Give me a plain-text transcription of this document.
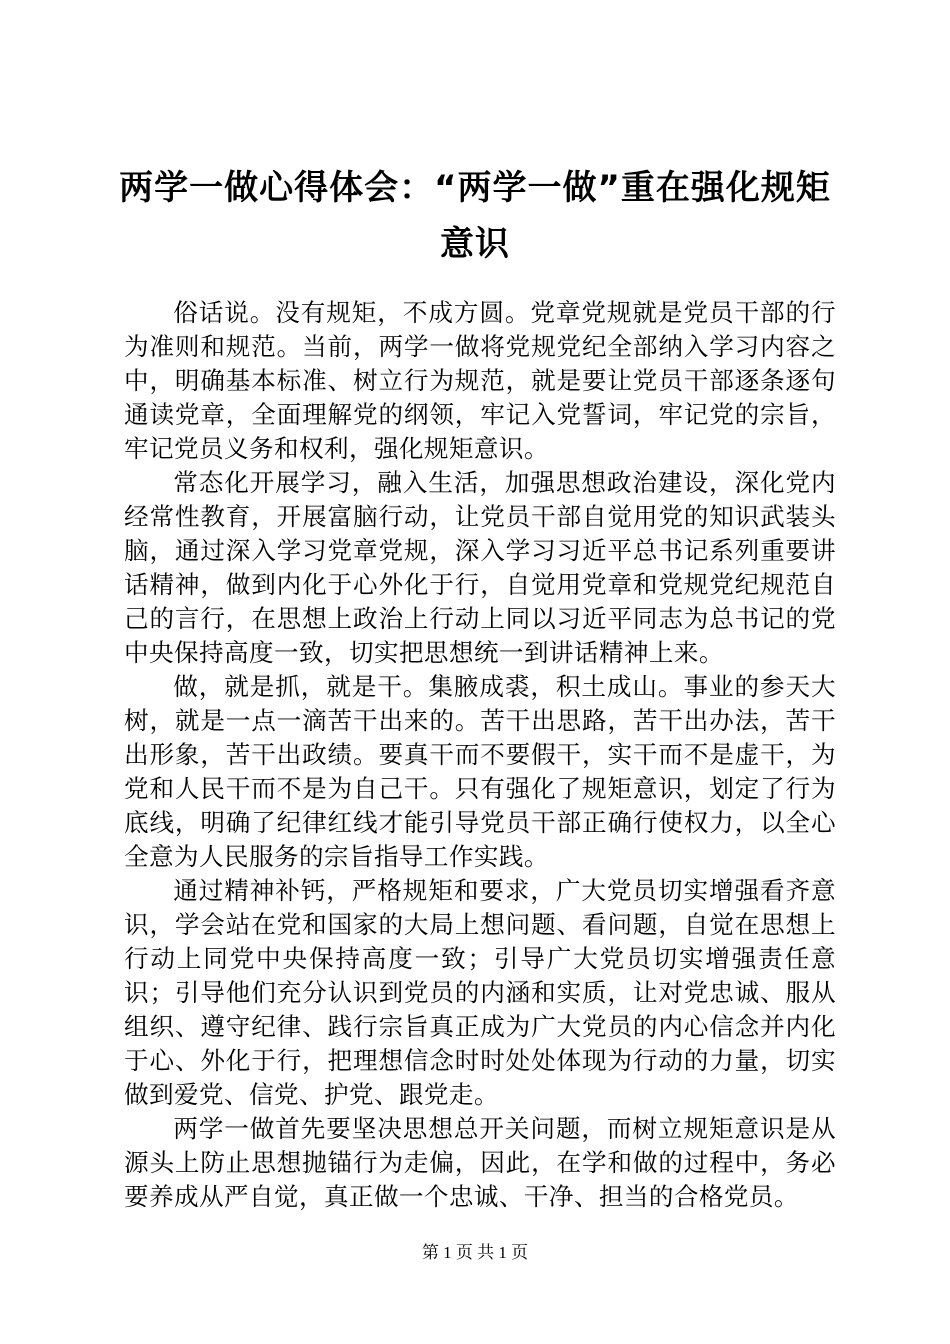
两学一做心得体会：“两学一做”重在强化规矩意识

俗话说。没有规矩，不成方圆。党章党规就是党员干部的行为准则和规范。当前，两学一做将党规党纪全部纳入学习内容之中，明确基本标准、树立行为规范，就是要让党员干部逐条逐句通读党章，全面理解党的纲领，牢记入党誓词，牢记党的宗旨，牢记党员义务和权利，强化规矩意识。

常态化开展学习，融入生活，加强思想政治建设，深化党内经常性教育，开展富脑行动，让党员干部自觉用党的知识武装头脑，通过深入学习党章党规，深入学习习近平总书记系列重要讲话精神，做到内化于心外化于行，自觉用党章和党规党纪规范自己的言行，在思想上政治上行动上同以习近平同志为总书记的党中央保持高度一致，切实把思想统一到讲话精神上来。

做，就是抓，就是干。集腋成裘，积土成山。事业的参天大树，就是一点一滴苦干出来的。苦干出思路，苦干出办法，苦干出形象，苦干出政绩。要真干而不要假干，实干而不是虚干，为党和人民干而不是为自己干。只有强化了规矩意识，划定了行为底线，明确了纪律红线才能引导党员干部正确行使权力，以全心全意为人民服务的宗旨指导工作实践。

通过精神补钙，严格规矩和要求，广大党员切实增强看齐意识，学会站在党和国家的大局上想问题、看问题，自觉在思想上行动上同党中央保持高度一致；引导广大党员切实增强责任意识；引导他们充分认识到党员的内涵和实质，让对党忠诚、服从组织、遵守纪律、践行宗旨真正成为广大党员的内心信念并内化于心、外化于行，把理想信念时时处处体现为行动的力量，切实做到爱党、信党、护党、跟党走。

两学一做首先要坚决思想总开关问题，而树立规矩意识是从源头上防止思想抛锚行为走偏，因此，在学和做的过程中，务必要养成从严自觉，真正做一个忠诚、干净、担当的合格党员。

第 1 页 共 1 页
